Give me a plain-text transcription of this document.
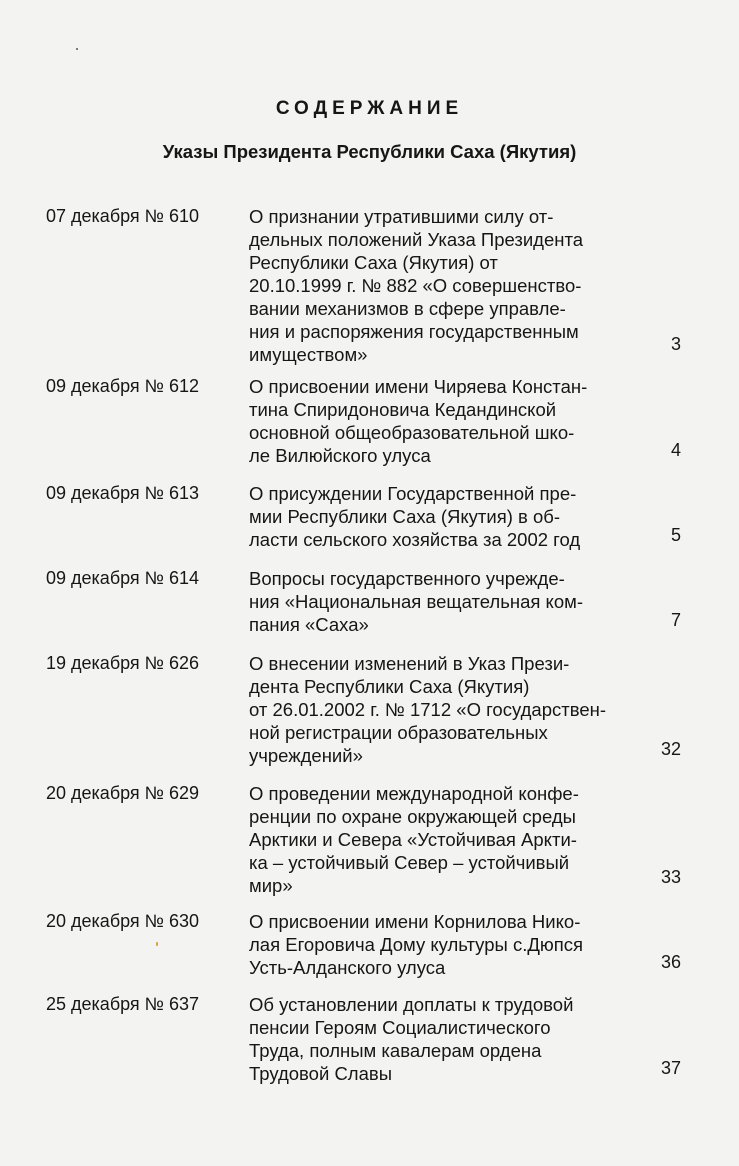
СОДЕРЖАНИЕ
Указы Президента Республики Саха (Якутия)
07 декабря № 610	О признании утратившими силу от-
дельных положений Указа Президента
Республики Саха (Якутия) от
20.10.1999 г. № 882 «О совершенство-
вании механизмов в сфере управле-
ния и распоряжения государственным
имуществом»	3
09 декабря № 612	О присвоении имени Чиряева Констан-
тина Спиридоновича Кедандинской
основной общеобразовательной шко-
ле Вилюйского улуса	4
09 декабря № 613	О присуждении Государственной пре-
мии Республики Саха (Якутия) в об-
ласти сельского хозяйства за 2002 год	5
09 декабря № 614	Вопросы государственного учрежде-
ния «Национальная вещательная ком-
пания «Саха»	7
19 декабря № 626	О внесении изменений в Указ Прези-
дента Республики Саха (Якутия)
от 26.01.2002 г. № 1712 «О государствен-
ной регистрации образовательных
учреждений»	32
20 декабря № 629	О проведении международной конфе-
ренции по охране окружающей среды
Арктики и Севера «Устойчивая Аркти-
ка – устойчивый Север – устойчивый
мир»	33
20 декабря № 630	О присвоении имени Корнилова Нико-
лая Егоровича Дому культуры с.Дюпся
Усть-Алданского улуса	36
25 декабря № 637	Об установлении доплаты к трудовой
пенсии Героям Социалистического
Труда, полным кавалерам ордена
Трудовой Славы	37
